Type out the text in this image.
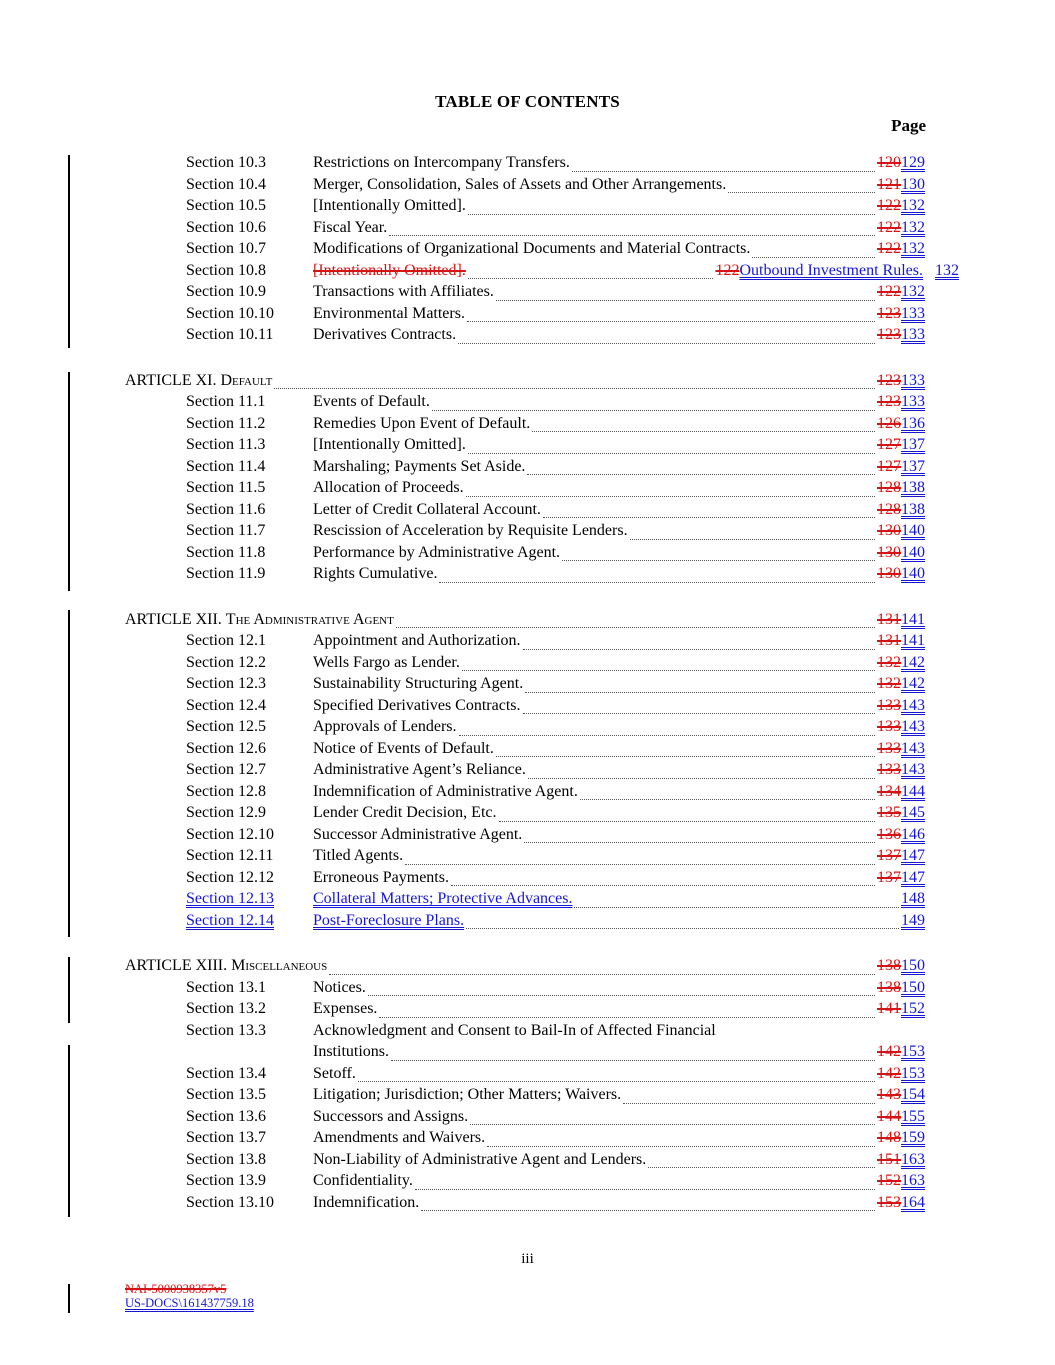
TABLE OF CONTENTS
Page
Section 10.3	Restrictions on Intercompany Transfers.	120 129
Section 10.4	Merger, Consolidation, Sales of Assets and Other Arrangements.	121 130
Section 10.5	[Intentionally Omitted].	122 132
Section 10.6	Fiscal Year.	122 132
Section 10.7	Modifications of Organizational Documents and Material Contracts.	122 132
Section 10.8	[Intentionally Omitted].	122 Outbound Investment Rules. 132
Section 10.9	Transactions with Affiliates.	122 132
Section 10.10	Environmental Matters.	123 133
Section 10.11	Derivatives Contracts.	123 133
ARTICLE XI. Default	123 133
Section 11.1	Events of Default.	123 133
Section 11.2	Remedies Upon Event of Default.	126 136
Section 11.3	[Intentionally Omitted].	127 137
Section 11.4	Marshaling; Payments Set Aside.	127 137
Section 11.5	Allocation of Proceeds.	128 138
Section 11.6	Letter of Credit Collateral Account.	128 138
Section 11.7	Rescission of Acceleration by Requisite Lenders.	130 140
Section 11.8	Performance by Administrative Agent.	130 140
Section 11.9	Rights Cumulative.	130 140
ARTICLE XII. The Administrative Agent	131 141
Section 12.1	Appointment and Authorization.	131 141
Section 12.2	Wells Fargo as Lender.	132 142
Section 12.3	Sustainability Structuring Agent.	132 142
Section 12.4	Specified Derivatives Contracts.	133 143
Section 12.5	Approvals of Lenders.	133 143
Section 12.6	Notice of Events of Default.	133 143
Section 12.7	Administrative Agent’s Reliance.	133 143
Section 12.8	Indemnification of Administrative Agent.	134 144
Section 12.9	Lender Credit Decision, Etc.	135 145
Section 12.10	Successor Administrative Agent.	136 146
Section 12.11	Titled Agents.	137 147
Section 12.12	Erroneous Payments.	137 147
Section 12.13	Collateral Matters; Protective Advances.	148
Section 12.14	Post-Foreclosure Plans.	149
ARTICLE XIII. Miscellaneous	138 150
Section 13.1	Notices.	138 150
Section 13.2	Expenses.	141 152
Section 13.3	Acknowledgment and Consent to Bail-In of Affected Financial
Institutions.	142 153
Section 13.4	Setoff.	142 153
Section 13.5	Litigation; Jurisdiction; Other Matters; Waivers.	143 154
Section 13.6	Successors and Assigns.	144 155
Section 13.7	Amendments and Waivers.	148 159
Section 13.8	Non-Liability of Administrative Agent and Lenders.	151 163
Section 13.9	Confidentiality.	152 163
Section 13.10	Indemnification.	153 164
iii
NAI-5000938357v5
US-DOCS\161437759.18
